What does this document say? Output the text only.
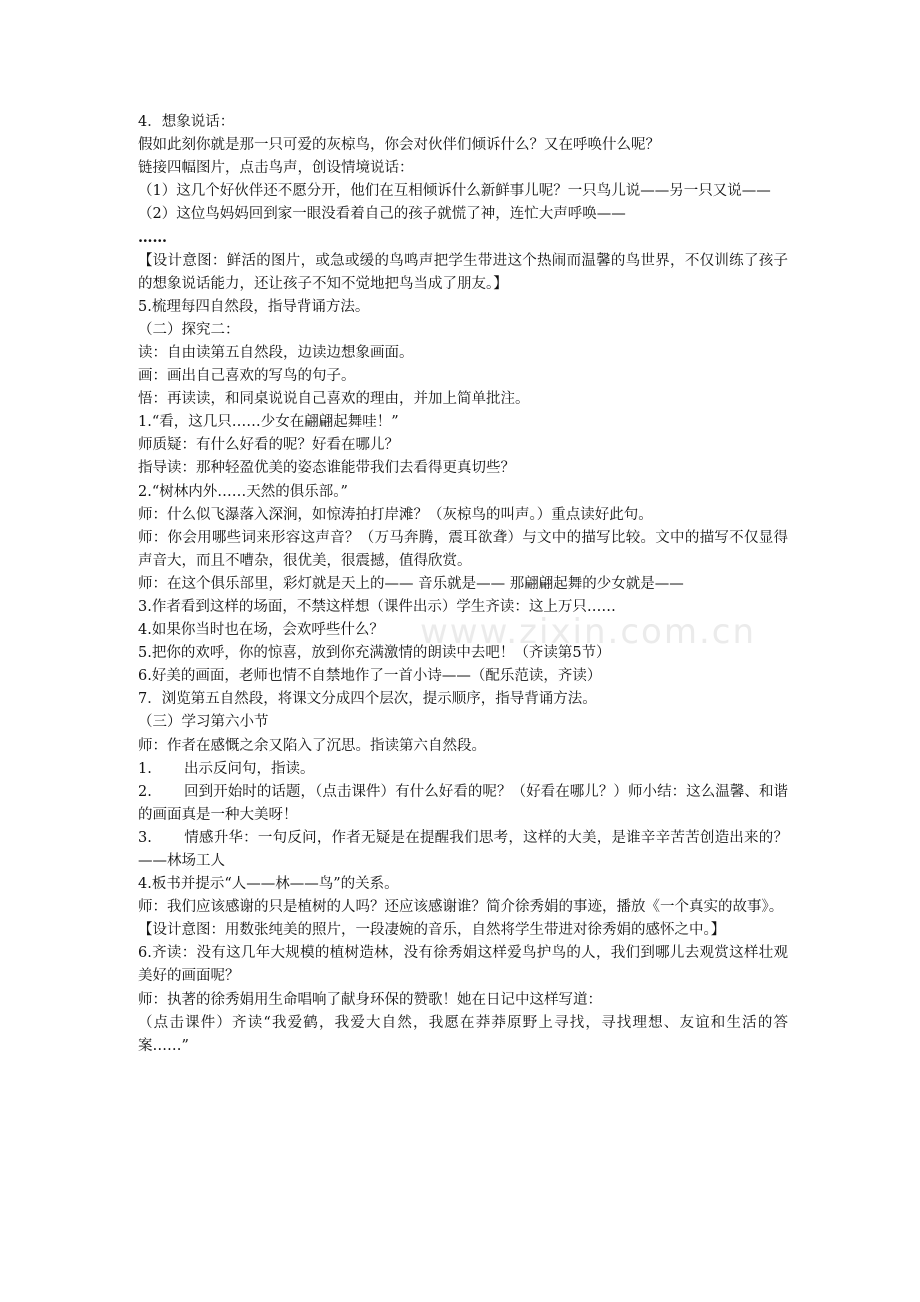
www.zixin.com.cn
4．想象说话：
假如此刻你就是那一只可爱的灰椋鸟，你会对伙伴们倾诉什么？又在呼唤什么呢？
链接四幅图片，点击鸟声，创设情境说话：
（1）这几个好伙伴还不愿分开，他们在互相倾诉什么新鲜事儿呢？一只鸟儿说——另一只又说——
（2）这位鸟妈妈回到家一眼没看着自己的孩子就慌了神，连忙大声呼唤——
……
【设计意图：鲜活的图片，或急或缓的鸟鸣声把学生带进这个热闹而温馨的鸟世界，不仅训练了孩子的想象说话能力，还让孩子不知不觉地把鸟当成了朋友。】
5.梳理每四自然段，指导背诵方法。
（二）探究二：
读：自由读第五自然段，边读边想象画面。
画：画出自己喜欢的写鸟的句子。
悟：再读读，和同桌说说自己喜欢的理由，并加上简单批注。
1.“看，这几只……少女在翩翩起舞哇！”
师质疑：有什么好看的呢？好看在哪儿？
指导读：那种轻盈优美的姿态谁能带我们去看得更真切些？
2.“树林内外……天然的俱乐部。”
师：什么似飞瀑落入深涧，如惊涛拍打岸滩？（灰椋鸟的叫声。）重点读好此句。
师：你会用哪些词来形容这声音？（万马奔腾，震耳欲聋）与文中的描写比较。文中的描写不仅显得声音大，而且不嘈杂，很优美，很震撼，值得欣赏。
师：在这个俱乐部里，彩灯就是天上的—— 音乐就是—— 那翩翩起舞的少女就是——
3.作者看到这样的场面，不禁这样想（课件出示）学生齐读：这上万只……
4.如果你当时也在场，会欢呼些什么？
5.把你的欢呼，你的惊喜，放到你充满激情的朗读中去吧！（齐读第5节）
6.好美的画面，老师也情不自禁地作了一首小诗——（配乐范读，齐读）
7．浏览第五自然段，将课文分成四个层次，提示顺序，指导背诵方法。
（三）学习第六小节
师：作者在感慨之余又陷入了沉思。指读第六自然段。
1. 出示反问句，指读。
2. 回到开始时的话题，（点击课件）有什么好看的呢？（好看在哪儿？）师小结：这么温馨、和谐的画面真是一种大美呀！
3. 情感升华：一句反问，作者无疑是在提醒我们思考，这样的大美，是谁辛辛苦苦创造出来的？——林场工人
4.板书并提示“人——林——鸟”的关系。
师：我们应该感谢的只是植树的人吗？还应该感谢谁？简介徐秀娟的事迹，播放《一个真实的故事》。
【设计意图：用数张纯美的照片，一段凄婉的音乐，自然将学生带进对徐秀娟的感怀之中。】
6.齐读：没有这几年大规模的植树造林，没有徐秀娟这样爱鸟护鸟的人，我们到哪儿去观赏这样壮观美好的画面呢？
师：执著的徐秀娟用生命唱响了献身环保的赞歌！她在日记中这样写道：
（点击课件）齐读“我爱鹤，我爱大自然，我愿在莽莽原野上寻找，寻找理想、友谊和生活的答案……”
